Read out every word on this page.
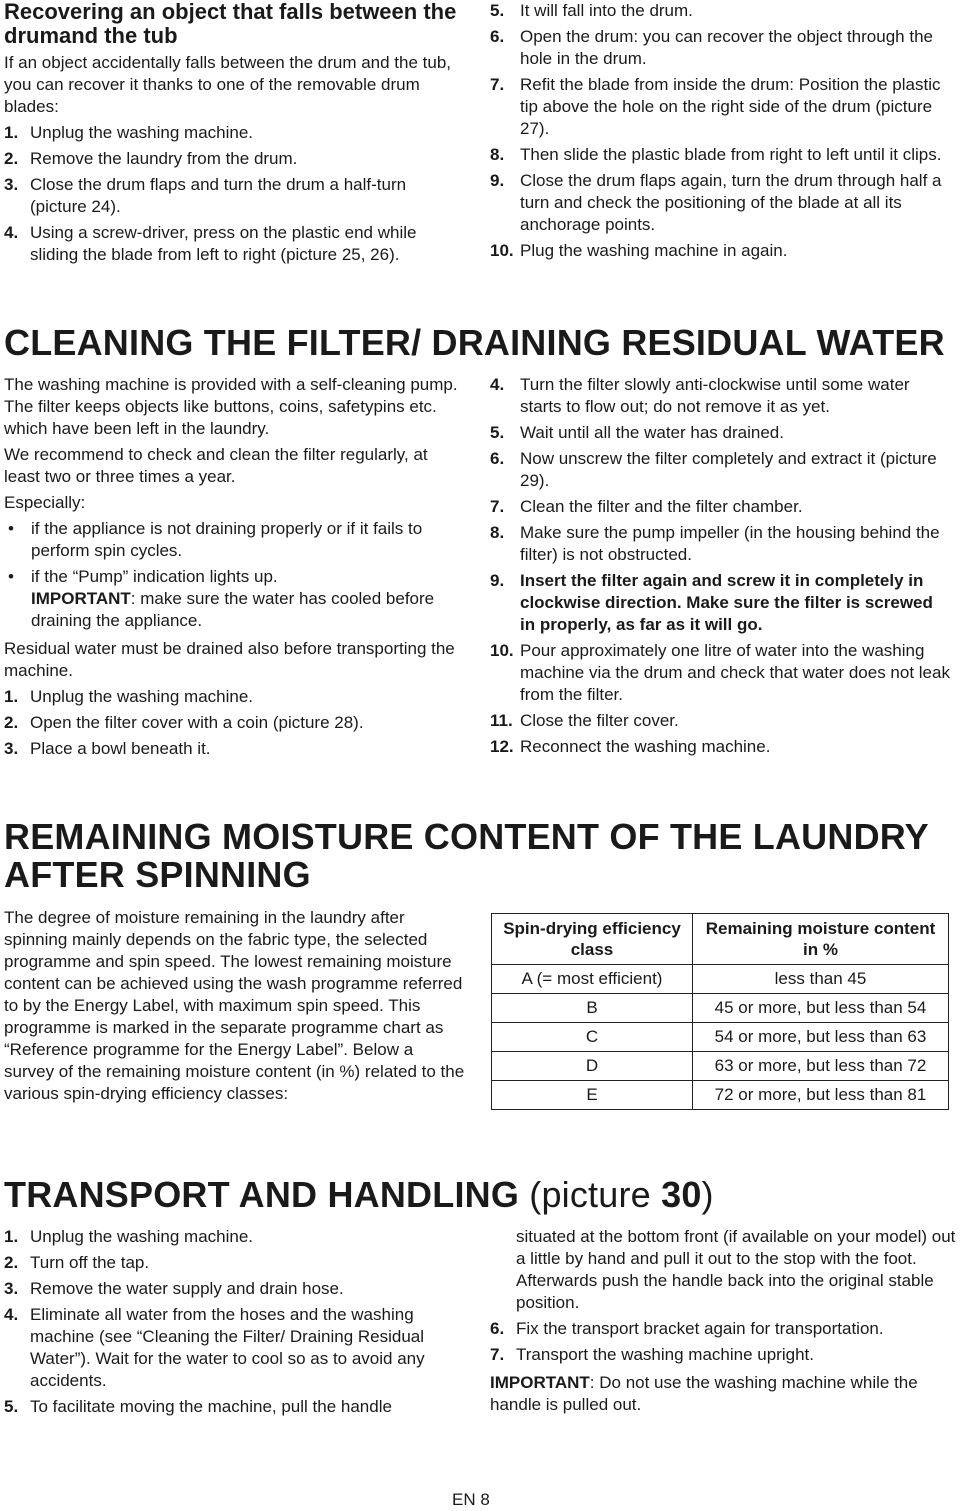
Recovering an object that falls between the drumand the tub

If an object accidentally falls between the drum and the tub, you can recover it thanks to one of the removable drum blades:

1. Unplug the washing machine.
2. Remove the laundry from the drum.
3. Close the drum flaps and turn the drum a half-turn (picture 24).
4. Using a screw-driver, press on the plastic end while sliding the blade from left to right (picture 25, 26).
5. It will fall into the drum.
6. Open the drum: you can recover the object through the hole in the drum.
7. Refit the blade from inside the drum: Position the plastic tip above the hole on the right side of the drum (picture 27).
8. Then slide the plastic blade from right to left until it clips.
9. Close the drum flaps again, turn the drum through half a turn and check the positioning of the blade at all its anchorage points.
10. Plug the washing machine in again.
CLEANING THE FILTER/ DRAINING RESIDUAL WATER

The washing machine is provided with a self-cleaning pump. The filter keeps objects like buttons, coins, safetypins etc. which have been left in the laundry.

We recommend to check and clean the filter regularly, at least two or three times a year.

Especially:

• if the appliance is not draining properly or if it fails to perform spin cycles.
• if the “Pump” indication lights up.
IMPORTANT: make sure the water has cooled before draining the appliance.

Residual water must be drained also before transporting the machine.

1. Unplug the washing machine.
2. Open the filter cover with a coin (picture 28).
3. Place a bowl beneath it.
4. Turn the filter slowly anti-clockwise until some water starts to flow out; do not remove it as yet.
5. Wait until all the water has drained.
6. Now unscrew the filter completely and extract it (picture 29).
7. Clean the filter and the filter chamber.
8. Make sure the pump impeller (in the housing behind the filter) is not obstructed.
9. Insert the filter again and screw it in completely in clockwise direction. Make sure the filter is screwed in properly, as far as it will go.
10. Pour approximately one litre of water into the washing machine via the drum and check that water does not leak from the filter.
11. Close the filter cover.
12. Reconnect the washing machine.
REMAINING MOISTURE CONTENT OF THE LAUNDRY AFTER SPINNING

The degree of moisture remaining in the laundry after spinning mainly depends on the fabric type, the selected programme and spin speed. The lowest remaining moisture content can be achieved using the wash programme referred to by the Energy Label, with maximum spin speed. This programme is marked in the separate programme chart as “Reference programme for the Energy Label”. Below a survey of the remaining moisture content (in %) related to the various spin-drying efficiency classes:

Spin-drying efficiency class	Remaining moisture content in %
A (= most efficient)	less than 45
B	45 or more, but less than 54
C	54 or more, but less than 63
D	63 or more, but less than 72
E	72 or more, but less than 81
TRANSPORT AND HANDLING (picture 30)
1. Unplug the washing machine.
2. Turn off the tap.
3. Remove the water supply and drain hose.
4. Eliminate all water from the hoses and the washing machine (see “Cleaning the Filter/ Draining Residual Water”). Wait for the water to cool so as to avoid any accidents.
5. To facilitate moving the machine, pull the handle

situated at the bottom front (if available on your model) out a little by hand and pull it out to the stop with the foot. Afterwards push the handle back into the original stable position.

6. Fix the transport bracket again for transportation.
7. Transport the washing machine upright.

IMPORTANT: Do not use the washing machine while the handle is pulled out.

EN 8
